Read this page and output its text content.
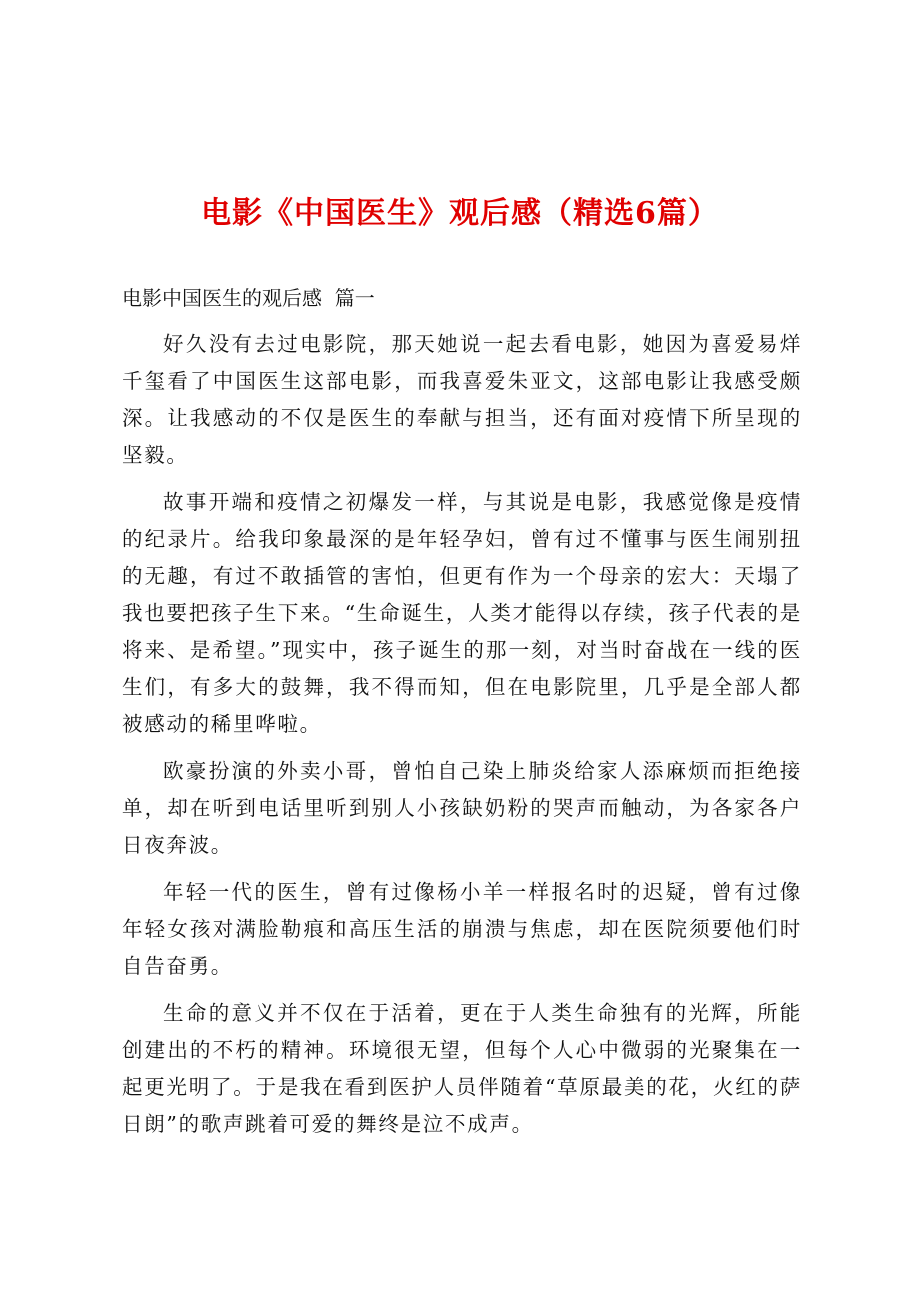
电影《中国医生》观后感（精选6篇）
电影中国医生的观后感  篇一

好久没有去过电影院，那天她说一起去看电影，她因为喜爱易烊千玺看了中国医生这部电影，而我喜爱朱亚文，这部电影让我感受颇深。让我感动的不仅是医生的奉献与担当，还有面对疫情下所呈现的坚毅。

故事开端和疫情之初爆发一样，与其说是电影，我感觉像是疫情的纪录片。给我印象最深的是年轻孕妇，曾有过不懂事与医生闹别扭的无趣，有过不敢插管的害怕，但更有作为一个母亲的宏大：天塌了我也要把孩子生下来。“生命诞生，人类才能得以存续，孩子代表的是将来、是希望。”现实中，孩子诞生的那一刻，对当时奋战在一线的医生们，有多大的鼓舞，我不得而知，但在电影院里，几乎是全部人都被感动的稀里哗啦。

欧豪扮演的外卖小哥，曾怕自己染上肺炎给家人添麻烦而拒绝接单，却在听到电话里听到别人小孩缺奶粉的哭声而触动，为各家各户日夜奔波。

年轻一代的医生，曾有过像杨小羊一样报名时的迟疑，曾有过像年轻女孩对满脸勒痕和高压生活的崩溃与焦虑，却在医院须要他们时自告奋勇。

生命的意义并不仅在于活着，更在于人类生命独有的光辉，所能创建出的不朽的精神。环境很无望，但每个人心中微弱的光聚集在一起更光明了。于是我在看到医护人员伴随着“草原最美的花，火红的萨日朗”的歌声跳着可爱的舞终是泣不成声。
